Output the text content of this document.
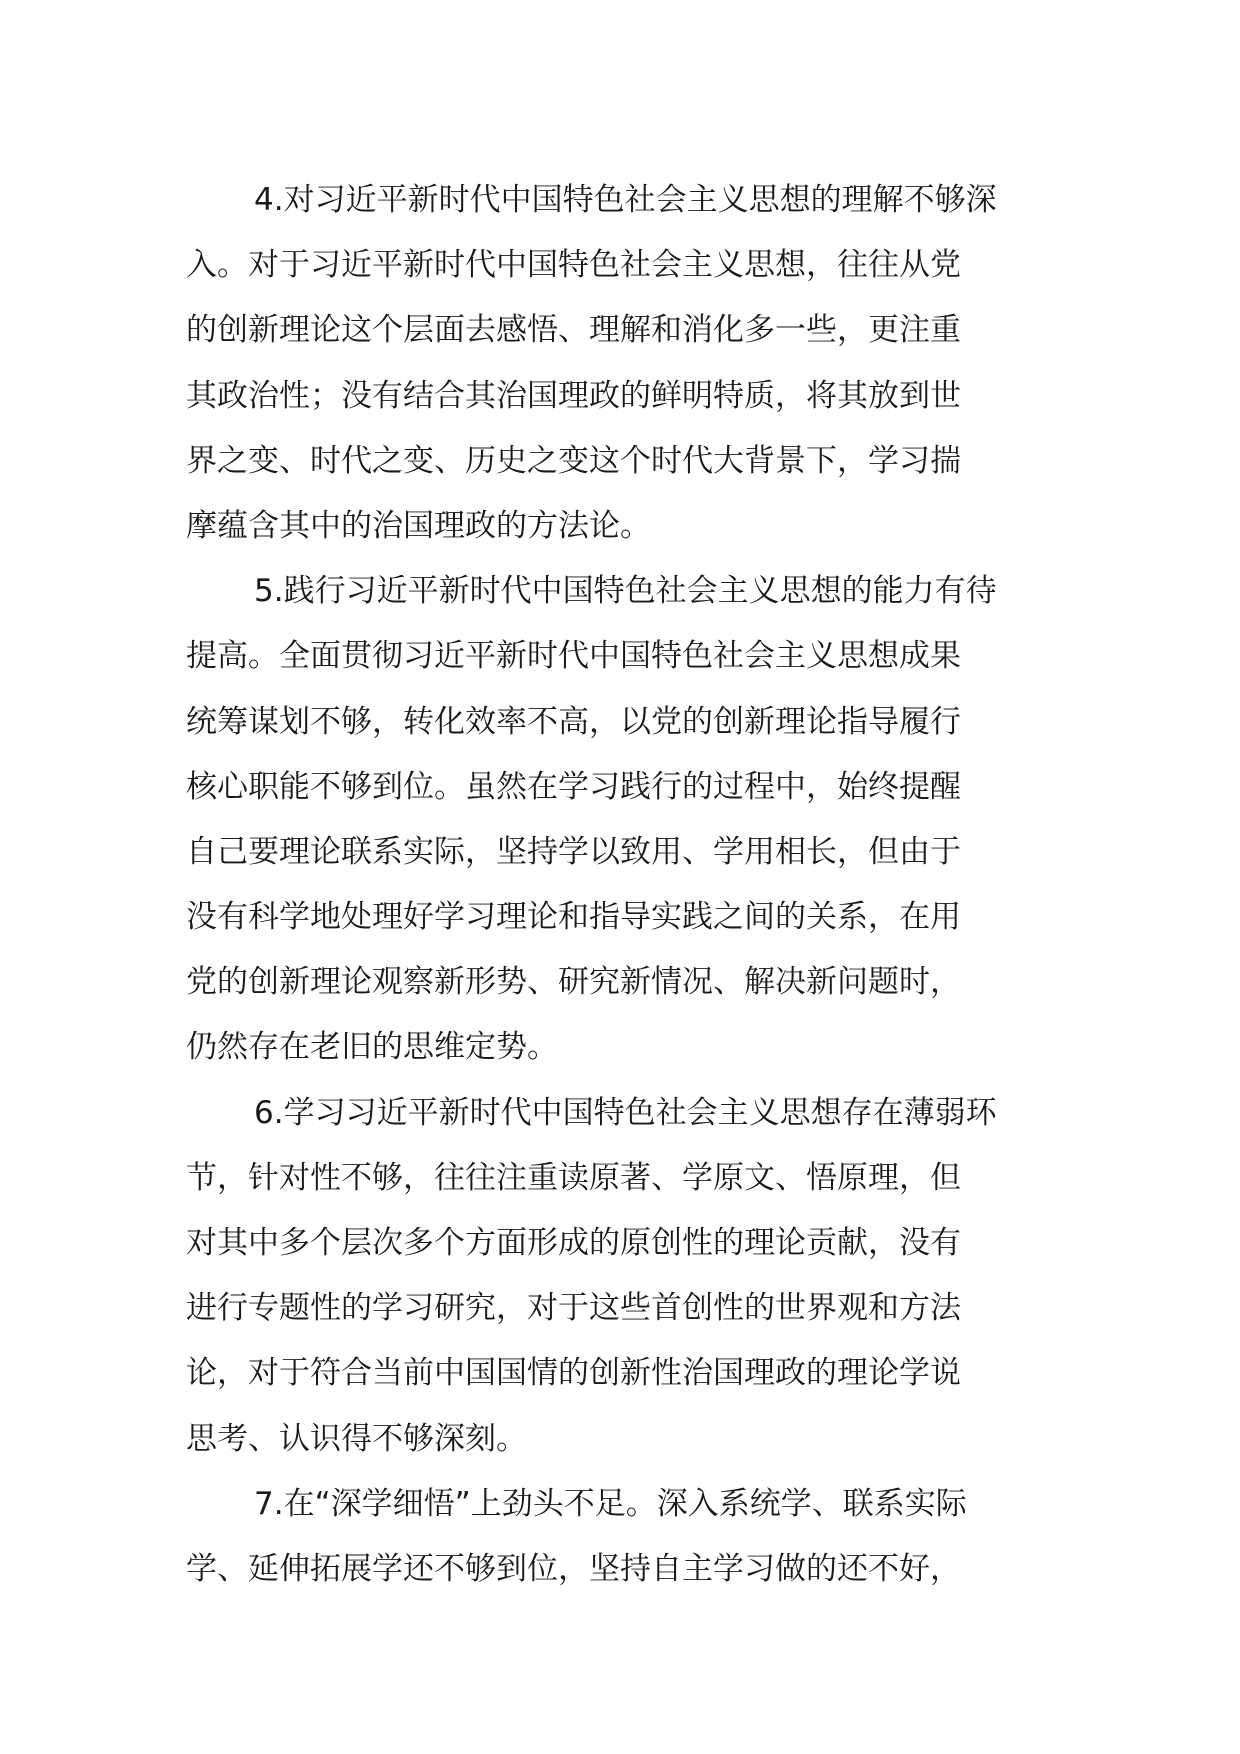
4.对习近平新时代中国特色社会主义思想的理解不够深
入。对于习近平新时代中国特色社会主义思想，往往从党
的创新理论这个层面去感悟、理解和消化多一些，更注重
其政治性；没有结合其治国理政的鲜明特质，将其放到世
界之变、时代之变、历史之变这个时代大背景下，学习揣
摩蕴含其中的治国理政的方法论。
5.践行习近平新时代中国特色社会主义思想的能力有待
提高。全面贯彻习近平新时代中国特色社会主义思想成果
统筹谋划不够，转化效率不高，以党的创新理论指导履行
核心职能不够到位。虽然在学习践行的过程中，始终提醒
自己要理论联系实际，坚持学以致用、学用相长，但由于
没有科学地处理好学习理论和指导实践之间的关系，在用
党的创新理论观察新形势、研究新情况、解决新问题时，
仍然存在老旧的思维定势。
6.学习习近平新时代中国特色社会主义思想存在薄弱环
节，针对性不够，往往注重读原著、学原文、悟原理，但
对其中多个层次多个方面形成的原创性的理论贡献，没有
进行专题性的学习研究，对于这些首创性的世界观和方法
论，对于符合当前中国国情的创新性治国理政的理论学说
思考、认识得不够深刻。
7.在“深学细悟”上劲头不足。深入系统学、联系实际
学、延伸拓展学还不够到位，坚持自主学习做的还不好，
